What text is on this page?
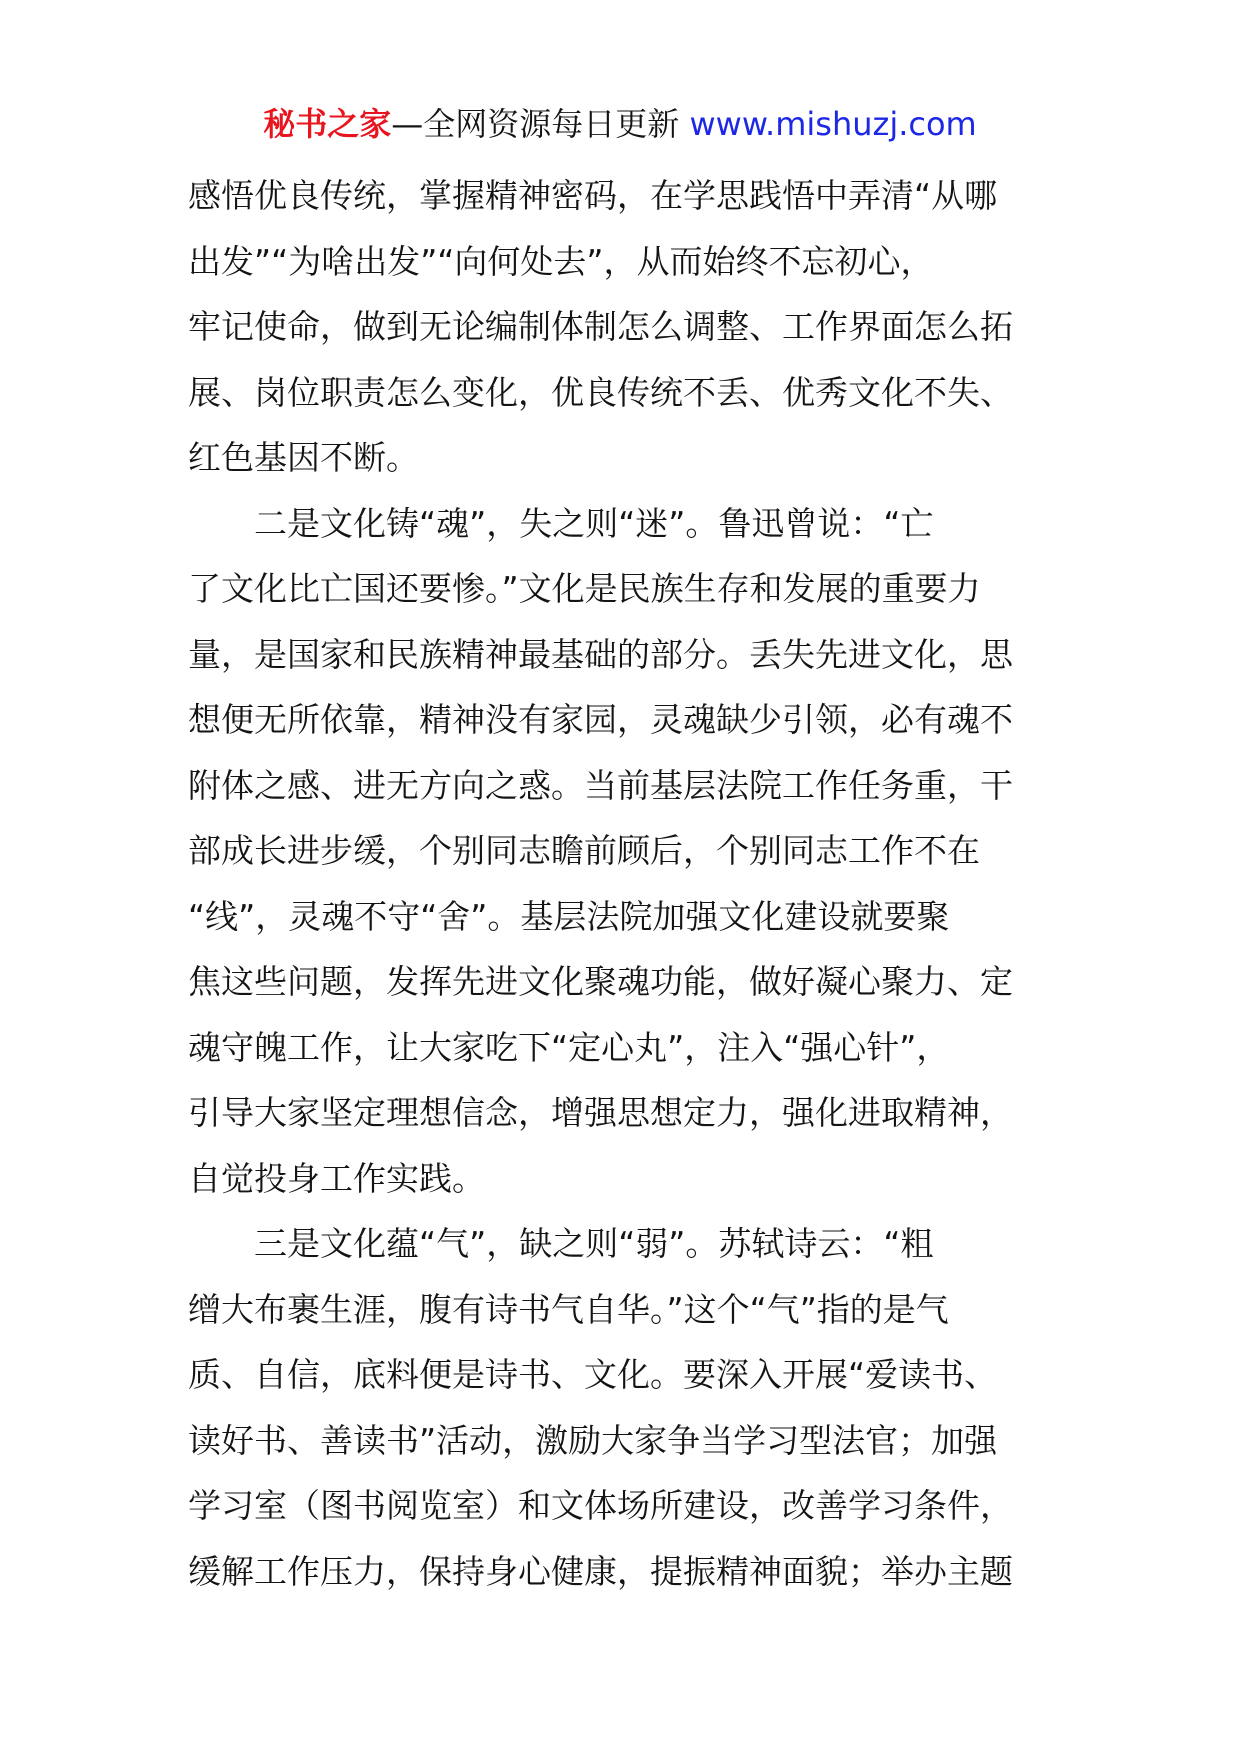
秘书之家—全网资源每日更新 www.mishuzj.com
感悟优良传统，掌握精神密码，在学思践悟中弄清“从哪
出发”“为啥出发”“向何处去”，从而始终不忘初心，
牢记使命，做到无论编制体制怎么调整、工作界面怎么拓
展、岗位职责怎么变化，优良传统不丢、优秀文化不失、
红色基因不断。
　　二是文化铸“魂”，失之则“迷”。鲁迅曾说：“亡
了文化比亡国还要惨。”文化是民族生存和发展的重要力
量，是国家和民族精神最基础的部分。丢失先进文化，思
想便无所依靠，精神没有家园，灵魂缺少引领，必有魂不
附体之感、进无方向之惑。当前基层法院工作任务重，干
部成长进步缓，个别同志瞻前顾后，个别同志工作不在
“线”，灵魂不守“舍”。基层法院加强文化建设就要聚
焦这些问题，发挥先进文化聚魂功能，做好凝心聚力、定
魂守魄工作，让大家吃下“定心丸”，注入“强心针”，
引导大家坚定理想信念，增强思想定力，强化进取精神，
自觉投身工作实践。
　　三是文化蕴“气”，缺之则“弱”。苏轼诗云：“粗
缯大布裹生涯，腹有诗书气自华。”这个“气”指的是气
质、自信，底料便是诗书、文化。要深入开展“爱读书、
读好书、善读书”活动，激励大家争当学习型法官；加强
学习室（图书阅览室）和文体场所建设，改善学习条件，
缓解工作压力，保持身心健康，提振精神面貌；举办主题
